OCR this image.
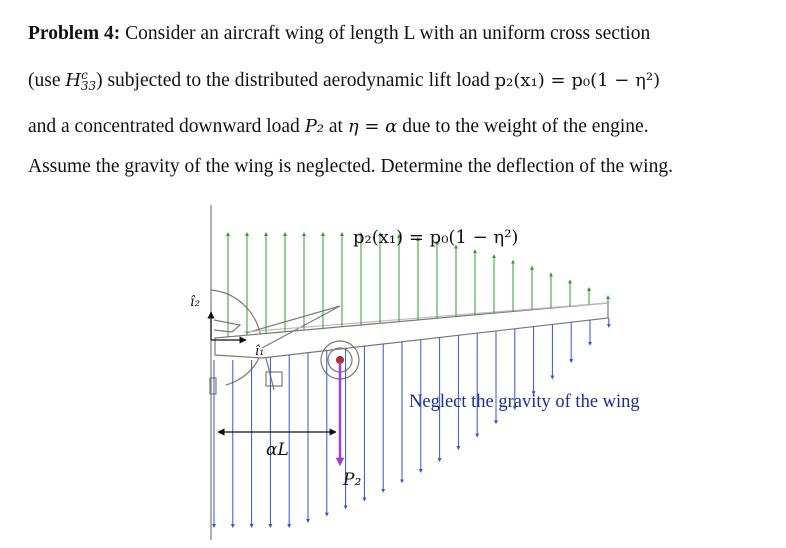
Problem 4: Consider an aircraft wing of length L with an uniform cross section

(use $H^c_{33}$) subjected to the distributed aerodynamic lift load p₂(x₁) = p₀(1 − η²)

and a concentrated downward load P₂ at η = α due to the weight of the engine.

Assume the gravity of the wing is neglected. Determine the deflection of the wing.

p₂(x₁) = p₀(1 − η²)
Neglect the gravity of the wing
ı̂₂
ı̂₁
αL
P₂
